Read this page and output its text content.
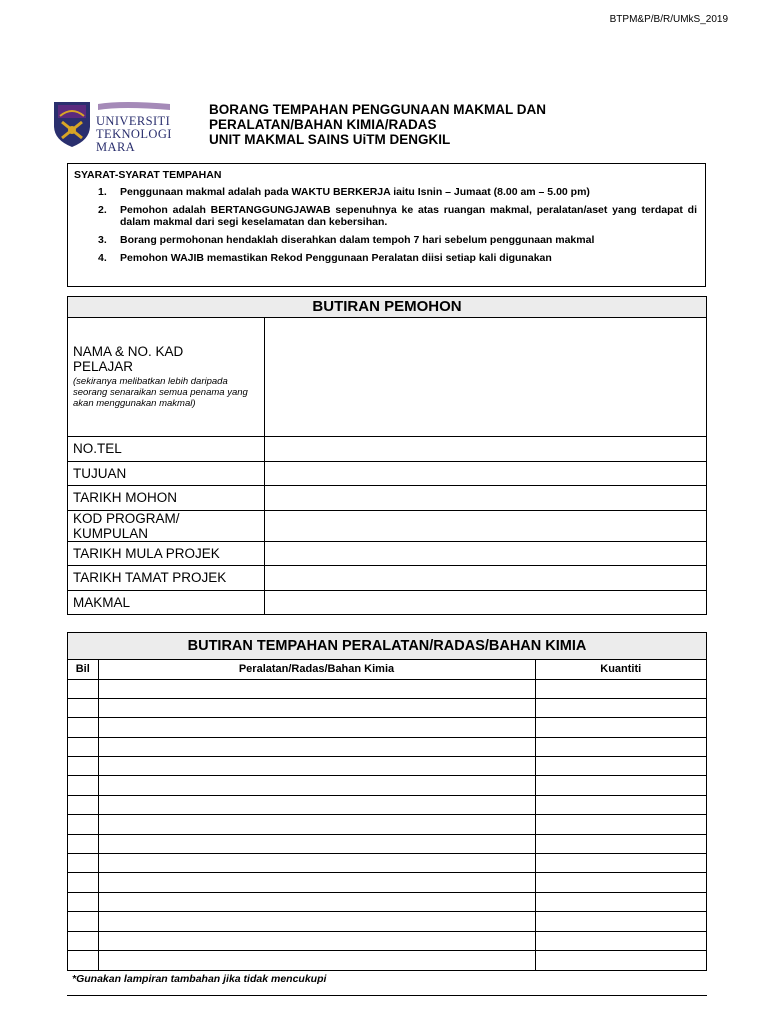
BTPM&P/B/R/UMkS_2019
UNIVERSITI
TEKNOLOGI
MARA
BORANG TEMPAHAN PENGGUNAAN MAKMAL DAN
PERALATAN/BAHAN KIMIA/RADAS
UNIT MAKMAL SAINS UiTM DENGKIL
SYARAT-SYARAT TEMPAHAN
1. Penggunaan makmal adalah pada WAKTU BERKERJA iaitu Isnin – Jumaat (8.00 am – 5.00 pm)
2. Pemohon adalah BERTANGGUNGJAWAB sepenuhnya ke atas ruangan makmal, peralatan/aset yang terdapat di dalam makmal dari segi keselamatan dan kebersihan.
3. Borang permohonan hendaklah diserahkan dalam tempoh 7 hari sebelum penggunaan makmal
4. Pemohon WAJIB memastikan Rekod Penggunaan Peralatan diisi setiap kali digunakan
BUTIRAN PEMOHON
NAMA & NO. KAD PELAJAR
(sekiranya melibatkan lebih daripada seorang senaraikan semua penama yang akan menggunakan makmal)
NO.TEL
TUJUAN
TARIKH MOHON
KOD PROGRAM/ KUMPULAN
TARIKH MULA PROJEK
TARIKH TAMAT PROJEK
MAKMAL
BUTIRAN TEMPAHAN PERALATAN/RADAS/BAHAN KIMIA
Bil	Peralatan/Radas/Bahan Kimia	Kuantiti

*Gunakan lampiran tambahan jika tidak mencukupi
